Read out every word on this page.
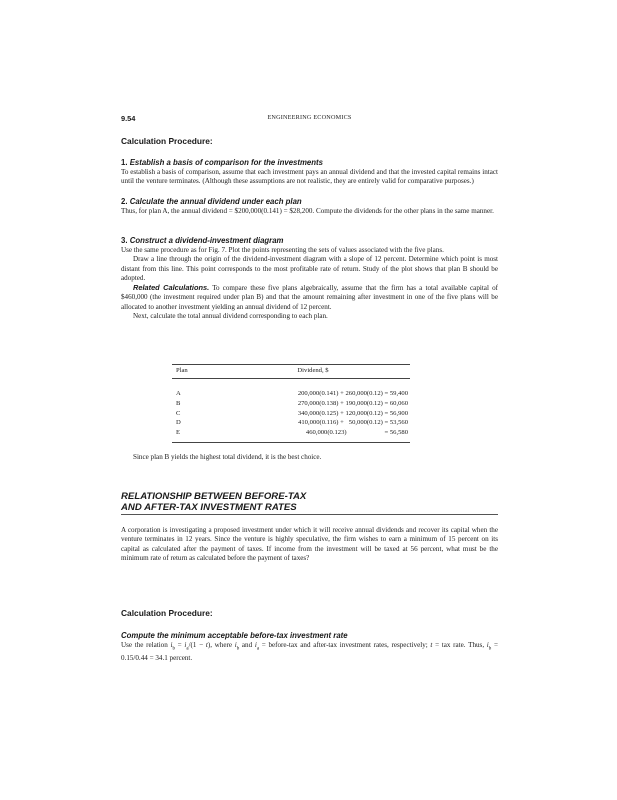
9.54	ENGINEERING ECONOMICS
Calculation Procedure:
1. Establish a basis of comparison for the investments

To establish a basis of comparison, assume that each investment pays an annual dividend and that the invested capital remains intact until the venture terminates. (Although these assumptions are not realistic, they are entirely valid for comparative purposes.)

2. Calculate the annual dividend under each plan

Thus, for plan A, the annual dividend = $200,000(0.141) = $28,200. Compute the dividends for the other plans in the same manner.

3. Construct a dividend-investment diagram

Use the same procedure as for Fig. 7. Plot the points representing the sets of values associated with the five plans.

Draw a line through the origin of the dividend-investment diagram with a slope of 12 percent. Determine which point is most distant from this line. This point corresponds to the most profitable rate of return. Study of the plot shows that plan B should be adopted.

Related Calculations. To compare these five plans algebraically, assume that the firm has a total available capital of $460,000 (the investment required under plan B) and that the amount remaining after investment in one of the five plans will be allocated to another investment yielding an annual dividend of 12 percent.

Next, calculate the total annual dividend corresponding to each plan.

Plan	Dividend, $

A	200,000(0.141) + 260,000(0.12) = 59,400
B	270,000(0.138) + 190,000(0.12) = 60,060
C	340,000(0.125) + 120,000(0.12) = 56,900
D	410,000(0.116) +   50,000(0.12) = 53,560
E	460,000(0.123)                       = 56,580

Since plan B yields the highest total dividend, it is the best choice.

RELATIONSHIP BETWEEN BEFORE-TAX
AND AFTER-TAX INVESTMENT RATES

A corporation is investigating a proposed investment under which it will receive annual dividends and recover its capital when the venture terminates in 12 years. Since the venture is highly speculative, the firm wishes to earn a minimum of 15 percent on its capital as calculated after the payment of taxes. If income from the investment will be taxed at 56 percent, what must be the minimum rate of return as calculated before the payment of taxes?

Calculation Procedure:
Compute the minimum acceptable before-tax investment rate

Use the relation $i_b = i_a/(1 - t)$, where $i_b$ and $i_a$ = before-tax and after-tax investment rates, respectively; t = tax rate. Thus, $i_b = 0.15/0.44 = 34.1$ percent.
